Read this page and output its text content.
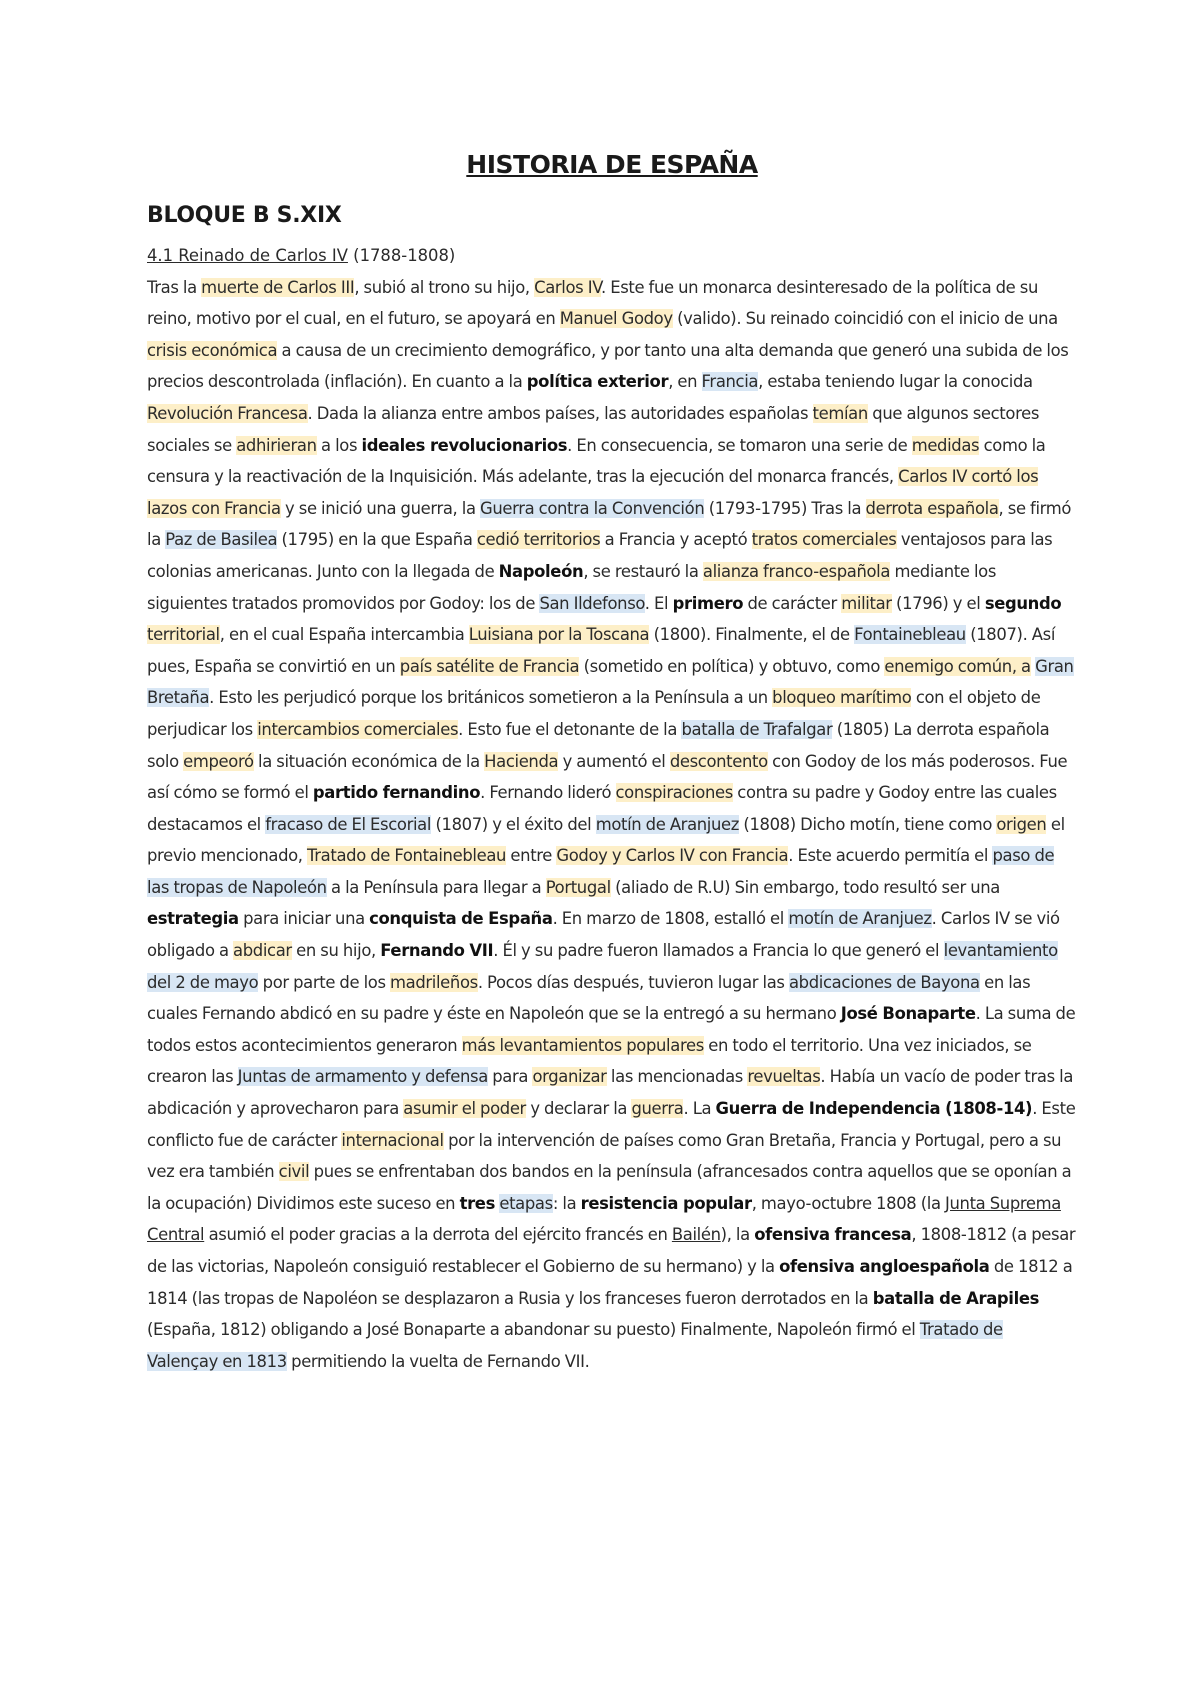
HISTORIA DE ESPAÑA
BLOQUE B S.XIX

4.1 Reinado de Carlos IV (1788-1808)

Tras la muerte de Carlos III, subió al trono su hijo, Carlos IV. Este fue un monarca desinteresado de la política de su reino, motivo por el cual, en el futuro, se apoyará en Manuel Godoy (valido). Su reinado coincidió con el inicio de una crisis económica a causa de un crecimiento demográfico, y por tanto una alta demanda que generó una subida de los precios descontrolada (inflación). En cuanto a la política exterior, en Francia, estaba teniendo lugar la conocida Revolución Francesa. Dada la alianza entre ambos países, las autoridades españolas temían que algunos sectores sociales se adhirieran a los ideales revolucionarios. En consecuencia, se tomaron una serie de medidas como la censura y la reactivación de la Inquisición. Más adelante, tras la ejecución del monarca francés, Carlos IV cortó los lazos con Francia y se inició una guerra, la Guerra contra la Convención (1793-1795) Tras la derrota española, se firmó la Paz de Basilea (1795) en la que España cedió territorios a Francia y aceptó tratos comerciales ventajosos para las colonias americanas. Junto con la llegada de Napoleón, se restauró la alianza franco-española mediante los siguientes tratados promovidos por Godoy: los de San Ildefonso. El primero de carácter militar (1796) y el segundo territorial, en el cual España intercambia Luisiana por la Toscana (1800). Finalmente, el de Fontainebleau (1807). Así pues, España se convirtió en un país satélite de Francia (sometido en política) y obtuvo, como enemigo común, a Gran Bretaña. Esto les perjudicó porque los británicos sometieron a la Península a un bloqueo marítimo con el objeto de perjudicar los intercambios comerciales. Esto fue el detonante de la batalla de Trafalgar (1805) La derrota española solo empeoró la situación económica de la Hacienda y aumentó el descontento con Godoy de los más poderosos. Fue así cómo se formó el partido fernandino. Fernando lideró conspiraciones contra su padre y Godoy entre las cuales destacamos el fracaso de El Escorial (1807) y el éxito del motín de Aranjuez (1808) Dicho motín, tiene como origen el previo mencionado, Tratado de Fontainebleau entre Godoy y Carlos IV con Francia. Este acuerdo permitía el paso de las tropas de Napoleón a la Península para llegar a Portugal (aliado de R.U) Sin embargo, todo resultó ser una estrategia para iniciar una conquista de España. En marzo de 1808, estalló el motín de Aranjuez. Carlos IV se vió obligado a abdicar en su hijo, Fernando VII. Él y su padre fueron llamados a Francia lo que generó el levantamiento del 2 de mayo por parte de los madrileños. Pocos días después, tuvieron lugar las abdicaciones de Bayona en las cuales Fernando abdicó en su padre y éste en Napoleón que se la entregó a su hermano José Bonaparte. La suma de todos estos acontecimientos generaron más levantamientos populares en todo el territorio. Una vez iniciados, se crearon las Juntas de armamento y defensa para organizar las mencionadas revueltas. Había un vacío de poder tras la abdicación y aprovecharon para asumir el poder y declarar la guerra. La Guerra de Independencia (1808-14). Este conflicto fue de carácter internacional por la intervención de países como Gran Bretaña, Francia y Portugal, pero a su vez era también civil pues se enfrentaban dos bandos en la península (afrancesados contra aquellos que se oponían a la ocupación) Dividimos este suceso en tres etapas: la resistencia popular, mayo-octubre 1808 (la Junta Suprema Central asumió el poder gracias a la derrota del ejército francés en Bailén), la ofensiva francesa, 1808-1812 (a pesar de las victorias, Napoleón consiguió restablecer el Gobierno de su hermano) y la ofensiva angloespañola de 1812 a 1814 (las tropas de Napoléon se desplazaron a Rusia y los franceses fueron derrotados en la batalla de Arapiles (España, 1812) obligando a José Bonaparte a abandonar su puesto) Finalmente, Napoleón firmó el Tratado de Valençay en 1813 permitiendo la vuelta de Fernando VII.
